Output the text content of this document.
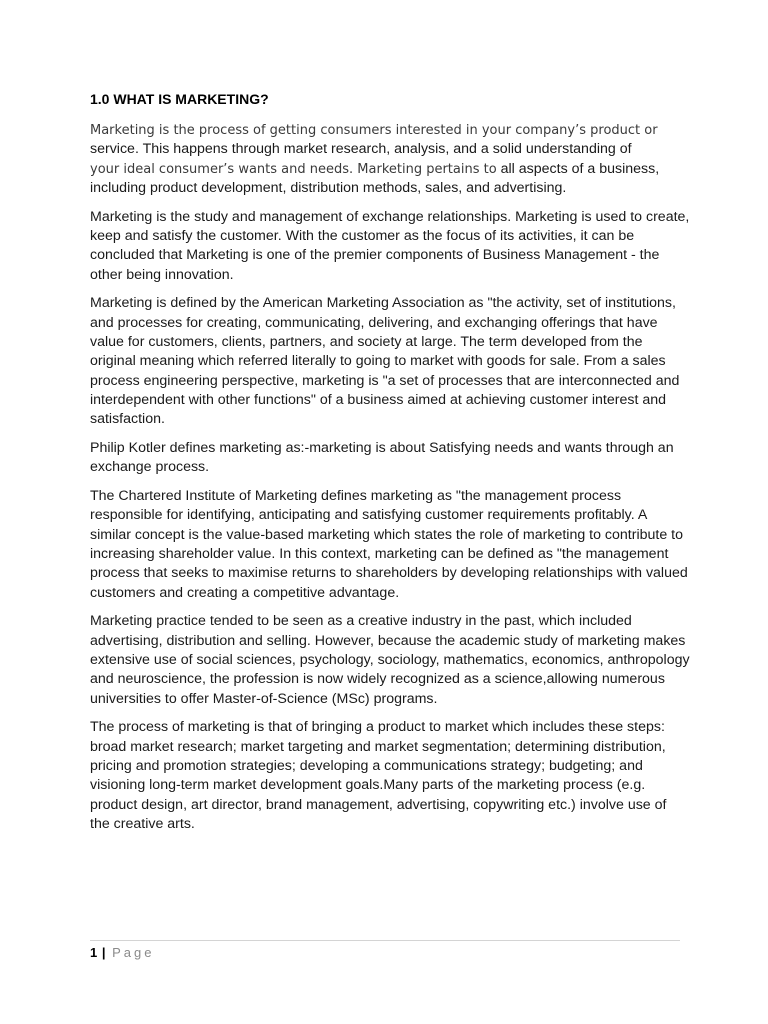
1.0 WHAT IS MARKETING?
Marketing is the process of getting consumers interested in your company’s product or
service. This happens through market research, analysis, and a solid understanding of
your ideal consumer’s wants and needs. Marketing pertains to all aspects of a business,
including product development, distribution methods, sales, and advertising.

Marketing is the study and management of exchange relationships. Marketing is used to create, keep and satisfy the customer. With the customer as the focus of its activities, it can be concluded that Marketing is one of the premier components of Business Management - the other being innovation.

Marketing is defined by the American Marketing Association as "the activity, set of institutions, and processes for creating, communicating, delivering, and exchanging offerings that have value for customers, clients, partners, and society at large. The term developed from the original meaning which referred literally to going to market with goods for sale. From a sales process engineering perspective, marketing is "a set of processes that are interconnected and interdependent with other functions" of a business aimed at achieving customer interest and satisfaction.

Philip Kotler defines marketing as:-marketing is about Satisfying needs and wants through an exchange process.

The Chartered Institute of Marketing defines marketing as "the management process responsible for identifying, anticipating and satisfying customer requirements profitably. A similar concept is the value-based marketing which states the role of marketing to contribute to increasing shareholder value. In this context, marketing can be defined as "the management process that seeks to maximise returns to shareholders by developing relationships with valued customers and creating a competitive advantage.

Marketing practice tended to be seen as a creative industry in the past, which included advertising, distribution and selling. However, because the academic study of marketing makes extensive use of social sciences, psychology, sociology, mathematics, economics, anthropology and neuroscience, the profession is now widely recognized as a science,allowing numerous universities to offer Master-of-Science (MSc) programs.

The process of marketing is that of bringing a product to market which includes these steps: broad market research; market targeting and market segmentation; determining distribution, pricing and promotion strategies; developing a communications strategy; budgeting; and visioning long-term market development goals.Many parts of the marketing process (e.g. product design, art director, brand management, advertising, copywriting etc.) involve use of the creative arts.

1 | Page
